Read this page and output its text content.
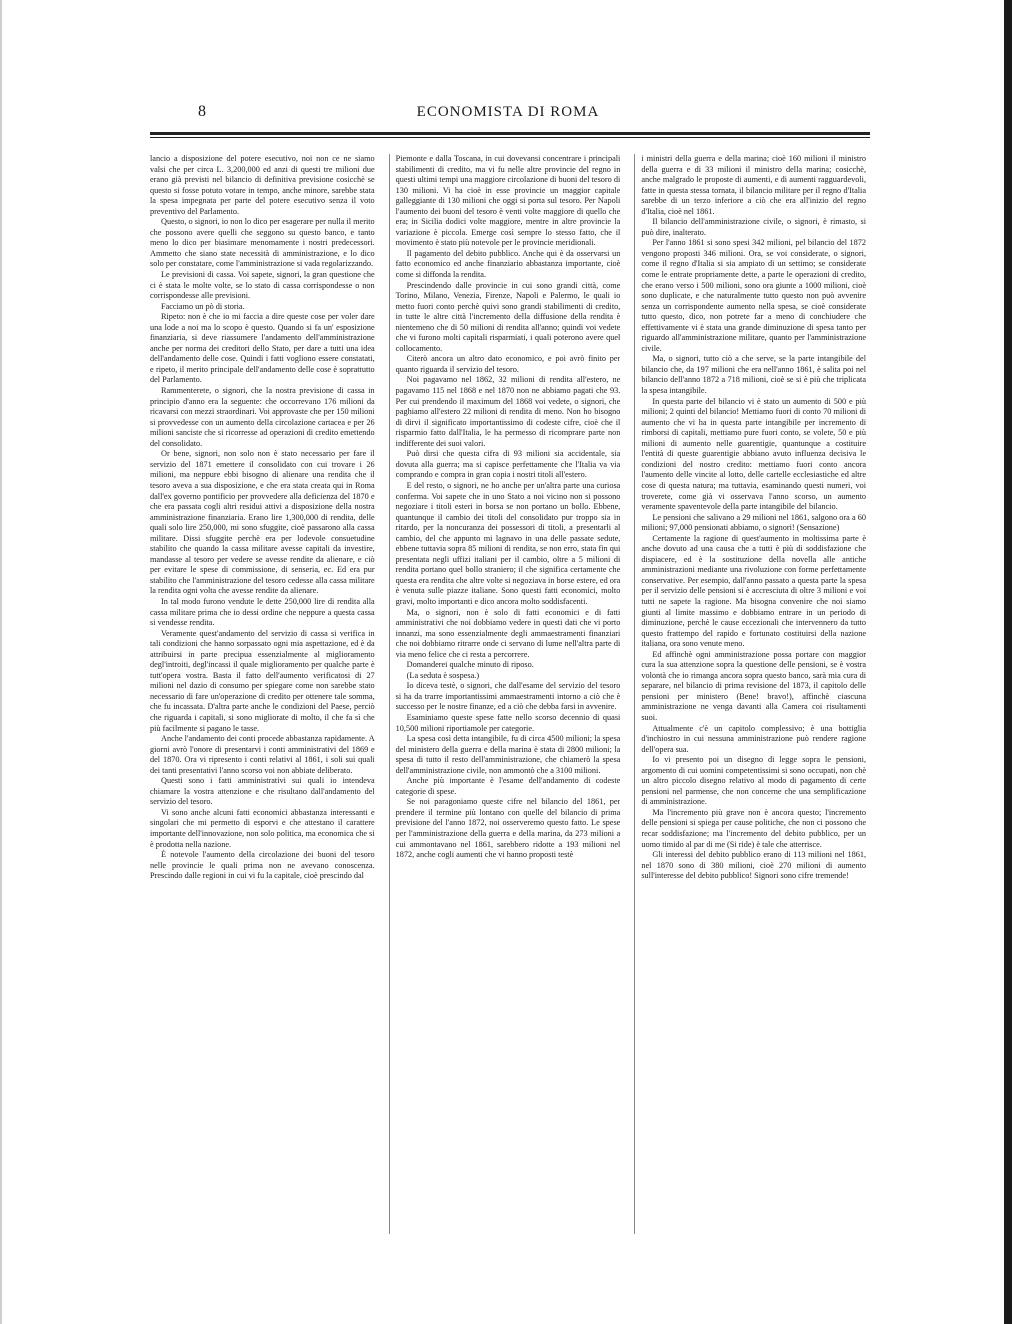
8	ECONOMISTA DI ROMA

lancio a disposizione del potere esecutivo, noi non ce ne siamo valsi che per circa L. 3,200,000 ed anzi di questi tre milioni due erano già previsti nel bilancio di definitiva previsione cosicchè se questo si fosse potuto votare in tempo, anche minore, sarebbe stata la spesa impegnata per parte del potere esecutivo senza il voto preventivo del Parlamento.

Questo, o signori, io non lo dico per esagerare per nulla il merito che possono avere quelli che seggono su questo banco, e tanto meno lo dico per biasimare menomamente i nostri predecessori. Ammetto che siano state necessità di amministrazione, e lo dico solo per constatare, come l'amministrazione si vada regolarizzando.

Le previsioni di cassa. Voi sapete, signori, la gran questione che ci è stata le molte volte, se lo stato di cassa corrispondesse o non corrispondesse alle previsioni.

Facciamo un pò di storia.

Ripeto: non è che io mi faccia a dire queste cose per voler dare una lode a noi ma lo scopo è questo. Quando si fa un' esposizione finanziaria, si deve riassumere l'andamento dell'amministrazione anche per norma dei creditori dello Stato, per dare a tutti una idea dell'andamento delle cose. Quindi i fatti vogliono essere constatati, e ripeto, il merito principale dell'andamento delle cose è soprattutto del Parlamento.

Rammenterete, o signori, che la nostra previsione di cassa in principio d'anno era la seguente: che occorrevano 176 milioni da ricavarsi con mezzi straordinari. Voi approvaste che per 150 milioni si provvedesse con un aumento della circolazione cartacea e per 26 milioni sanciste che si ricorresse ad operazioni di credito emettendo del consolidato.

Or bene, signori, non solo non è stato necessario per fare il servizio del 1871 emettere il consolidato con cui trovare i 26 milioni, ma neppure ebbi bisogno di alienare una rendita che il tesoro aveva a sua disposizione, e che era stata creata qui in Roma dall'ex governo pontificio per provvedere alla deficienza del 1870 e che era passata cogli altri residui attivi a disposizione della nostra amministrazione finanziaria. Erano lire 1,300,000 di rendita, delle quali solo lire 250,000, mi sono sfuggite, cioè passarono alla cassa militare. Dissi sfuggite perchè era per lodevole consuetudine stabilito che quando la cassa militare avesse capitali da investire, mandasse al tesoro per vedere se avesse rendite da alienare, e ciò per evitare le spese di commissione, di senseria, ec. Ed era pur stabilito che l'amministrazione del tesoro cedesse alla cassa militare la rendita ogni volta che avesse rendite da alienare.

In tal modo furono vendute le dette 250,000 lire di rendita alla cassa militare prima che io dessi ordine che neppure a questa cassa si vendesse rendita.

Veramente quest'andamento del servizio di cassa si verifica in tali condizioni che hanno sorpassato ogni mia aspettazione, ed è da attribuirsi in parte precipua essenzialmente al miglioramento degl'introiti, degl'incassi il quale miglioramento per qualche parte è tutt'opera vostra. Basta il fatto dell'aumento verificatosi di 27 milioni nel dazio di consumo per spiegare come non sarebbe stato necessario di fare un'operazione di credito per ottenere tale somma, che fu incassata. D'altra parte anche le condizioni del Paese, perciò che riguarda i capitali, si sono migliorate di molto, il che fa sì che più facilmente si pagano le tasse.

Anche l'andamento dei conti procede abbastanza rapidamente. A giorni avrò l'onore di presentarvi i conti amministrativi del 1869 e del 1870. Ora vi ripresento i conti relativi al 1861, i soli sui quali dei tanti presentativi l'anno scorso voi non abbiate deliberato.

Questi sono i fatti amministrativi sui quali io intendeva chiamare la vostra attenzione e che risultano dall'andamento del servizio del tesoro.

Vi sono anche alcuni fatti economici abbastanza interessanti e singolari che mi permetto di esporvi e che attestano il carattere importante dell'innovazione, non solo politica, ma economica che si è prodotta nella nazione.

È notevole l'aumento della circolazione dei buoni del tesoro nelle provincie le quali prima non ne avevano conoscenza. Prescindo dalle regioni in cui vi fu la capitale, cioè prescindo dal

Piemonte e dalla Toscana, in cui dovevansi concentrare i principali stabilimenti di credito, ma vi fu nelle altre provincie del regno in questi ultimi tempi una maggiore circolazione di buoni del tesoro di 130 milioni. Vi ha cioè in esse provincie un maggior capitale galleggiante di 130 milioni che oggi si porta sul tesoro. Per Napoli l'aumento dei buoni del tesoro è venti volte maggiore di quello che era; in Sicilia dodici volte maggiore, mentre in altre provincie la variazione è piccola. Emerge così sempre lo stesso fatto, che il movimento è stato più notevole per le provincie meridionali.

Il pagamento del debito pubblico. Anche qui è da osservarsi un fatto economico ed anche finanziario abbastanza importante, cioè come si diffonda la rendita.

Prescindendo dalle provincie in cui sono grandi città, come Torino, Milano, Venezia, Firenze, Napoli e Palermo, le quali io metto fuori conto perchè quivi sono grandi stabilimenti di credito, in tutte le altre città l'incremento della diffusione della rendita è nientemeno che di 50 milioni di rendita all'anno; quindi voi vedete che vi furono molti capitali risparmiati, i quali poterono avere quel collocamento.

Citerò ancora un altro dato economico, e poi avrò finito per quanto riguarda il servizio del tesoro.

Noi pagavamo nel 1862, 32 milioni di rendita all'estero, ne pagavamo 115 nel 1868 e nel 1870 non ne abbiamo pagati che 93. Per cui prendendo il maximum del 1868 voi vedete, o signori, che paghiamo all'estero 22 milioni di rendita di meno. Non ho bisogno di dirvi il significato importantissimo di codeste cifre, cioè che il risparmio fatto dall'Italia, le ha permesso di ricomprare parte non indifferente dei suoi valori.

Può dirsi che questa cifra di 93 milioni sia accidentale, sia dovuta alla guerra; ma si capisce perfettamente che l'Italia va via comprando e compra in gran copia i nostri titoli all'estero.

E del resto, o signori, ne ho anche per un'altra parte una curiosa conferma. Voi sapete che in uno Stato a noi vicino non si possono negoziare i titoli esteri in borsa se non portano un bollo. Ebbene, quantunque il cambio dei titoli del consolidato pur troppo sia in ritardo, per la noncuranza dei possessori di titoli, a presentarli al cambio, del che appunto mi lagnavo in una delle passate sedute, ebbene tuttavia sopra 85 milioni di rendita, se non erro, stata fin qui presentata negli uffizi italiani per il cambio, oltre a 5 milioni di rendita portano quel bollo straniero; il che significa certamente che questa era rendita che altre volte si negoziava in borse estere, ed ora è venuta sulle piazze italiane. Sono questi fatti economici, molto gravi, molto importanti e dico ancora molto soddisfacenti.

Ma, o signori, non è solo di fatti economici e di fatti amministrativi che noi dobbiamo vedere in questi dati che vi porto innanzi, ma sono essenzialmente degli ammaestramenti finanziari che noi dobbiamo ritrarre onde ci servano di lume nell'altra parte di via meno felice che ci resta a percorrere.

Domanderei qualche minuto di riposo.

(La seduta è sospesa.)

Io diceva testè, o signori, che dall'esame del servizio del tesoro si ha da trarre importantissimi ammaestramenti intorno a ciò che è successo per le nostre finanze, ed a ciò che debba farsi in avvenire.

Esaminiamo queste spese fatte nello scorso decennio di quasi 10,500 milioni riportiamole per categorie.

La spesa così detta intangibile, fu di circa 4500 milioni; la spesa del ministero della guerra e della marina è stata di 2800 milioni; la spesa di tutto il resto dell'amministrazione, che chiamerò la spesa dell'amministrazione civile, non ammontò che a 3100 milioni.

Anche più importante è l'esame dell'andamento di codeste categorie di spese.

Se noi paragoniamo queste cifre nel bilancio del 1861, per prendere il termine più lontano con quelle del bilancio di prima previsione del l'anno 1872, noi osserveremo questo fatto. Le spese per l'amministrazione della guerra e della marina, da 273 milioni a cui ammontavano nel 1861, sarebbero ridotte a 193 milioni nel 1872, anche cogli aumenti che vi hanno proposti testè

i ministri della guerra e della marina; cioè 160 milioni il ministro della guerra e di 33 milioni il ministro della marina; cosicchè, anche malgrado le proposte di aumenti, e di aumenti ragguardevoli, fatte in questa stessa tornata, il bilancio militare per il regno d'Italia sarebbe di un terzo inferiore a ciò che era all'inizio del regno d'Italia, cioè nel 1861.

Il bilancio dell'amministrazione civile, o signori, è rimasto, si può dire, inalterato.

Per l'anno 1861 si sono spesi 342 milioni, pel bilancio del 1872 vengono proposti 346 milioni. Ora, se voi considerate, o signori, come il regno d'Italia si sia ampiato di un settimo; se considerate come le entrate propriamente dette, a parte le operazioni di credito, che erano verso i 500 milioni, sono ora giunte a 1000 milioni, cioè sono duplicate, e che naturalmente tutto questo non può avvenire senza un corrispondente aumento nella spesa, se cioè considerate tutto questo, dico, non potrete far a meno di conchiudere che effettivamente vi è stata una grande diminuzione di spesa tanto per riguardo all'amministrazione militare, quanto per l'amministrazione civile.

Ma, o signori, tutto ciò a che serve, se la parte intangibile del bilancio che, da 197 milioni che era nell'anno 1861, è salita poi nel bilancio dell'anno 1872 a 718 milioni, cioè se si è più che triplicata la spesa intangibile.

In questa parte del bilancio vi è stato un aumento di 500 e più milioni; 2 quinti del bilancio! Mettiamo fuori di conto 70 milioni di aumento che vi ha in questa parte intangibile per incremento di rimborsi di capitali, mettiamo pure fuori conto, se volete, 50 e più milioni di aumento nelle guarentigie, quantunque a costituire l'entità di queste guarentigie abbiano avuto influenza decisiva le condizioni del nostro credito: mettiamo fuori conto ancora l'aumento delle vincite al lotto, delle cartelle ecclesiastiche ed altre cose di questa natura; ma tuttavia, esaminando questi numeri, voi troverete, come già vi osservava l'anno scorso, un aumento veramente spaventevole della parte intangibile del bilancio.

Le pensioni che salivano a 29 milioni nel 1861, salgono ora a 60 milioni; 97,000 pensionati abbiamo, o signori! (Sensazione)

Certamente la ragione di quest'aumento in moltissima parte è anche dovuto ad una causa che a tutti è più di soddisfazione che dispiacere, ed è la sostituzione della novella alle antiche amministrazioni mediante una rivoluzione con forme perfettamente conservative. Per esempio, dall'anno passato a questa parte la spesa per il servizio delle pensioni si è accresciuta di oltre 3 milioni e voi tutti ne sapete la ragione. Ma bisogna convenire che noi siamo giunti al limite massimo e dobbiamo entrare in un periodo di diminuzione, perchè le cause eccezionali che intervennero da tutto questo frattempo del rapido e fortunato costituirsi della nazione italiana, ora sono venute meno.

Ed affinchè ogni amministrazione possa portare con maggior cura la sua attenzione sopra la questione delle pensioni, se è vostra volontà che io rimanga ancora sopra questo banco, sarà mia cura di separare, nel bilancio di prima revisione del 1873, il capitolo delle pensioni per ministero (Bene! bravo!), affinchè ciascuna amministrazione ne venga davanti alla Camera coi risultamenti suoi.

Attualmente c'è un capitolo complessivo; è una bottiglia d'inchiostro in cui nessuna amministrazione può rendere ragione dell'opera sua.

Io vi presento poi un disegno di legge sopra le pensioni, argomento di cui uomini competentissimi si sono occupati, non chè un altro piccolo disegno relativo al modo di pagamento di certe pensioni nel parmense, che non concerne che una semplificazione di amministrazione.

Ma l'incremento più grave non è ancora questo; l'incremento delle pensioni si spiega per cause politiche, che non ci possono che recar soddisfazione; ma l'incremento del debito pubblico, per un uomo timido al par di me (Si ride) è tale che atterrisce.

Gli interessi del debito pubblico erano di 113 milioni nel 1861, nel 1870 sono di 380 milioni, cioè 270 milioni di aumento sull'interesse del debito pubblico! Signori sono cifre tremende!
